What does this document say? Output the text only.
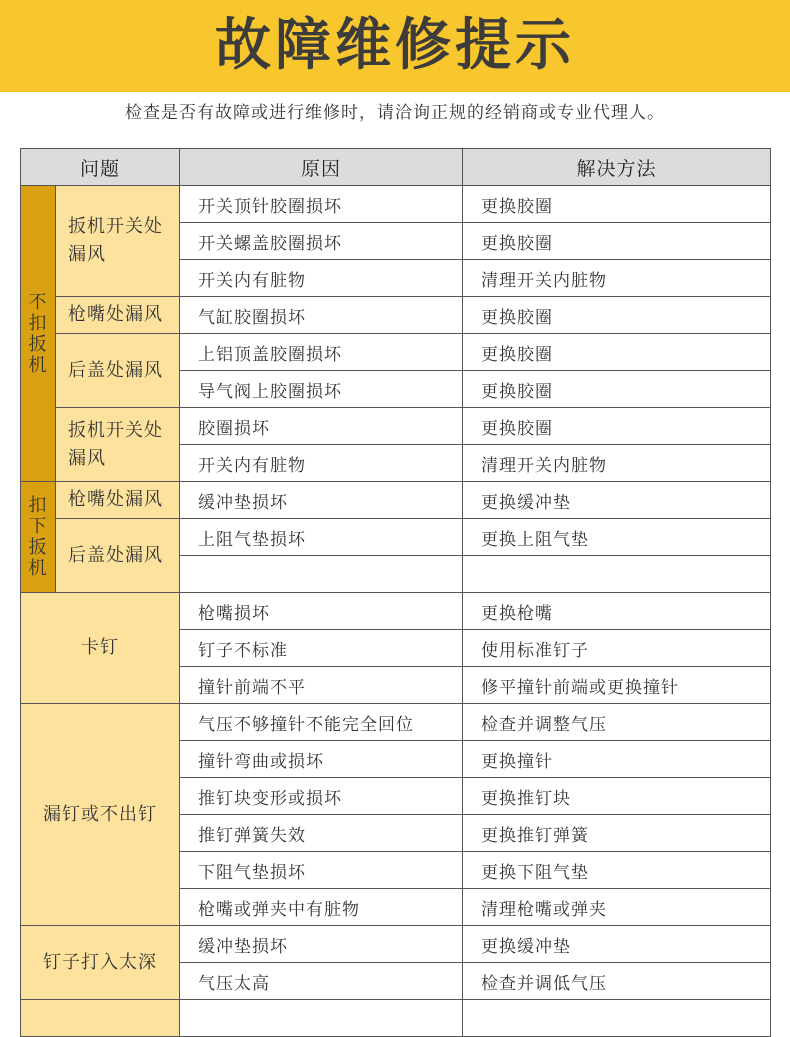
故障维修提示
检查是否有故障或进行维修时，请洽询正规的经销商或专业代理人。
问题		原因	解决方法
不扣扳机	扳机开关处漏风	开关顶针胶圈损坏	更换胶圈
		开关螺盖胶圈损坏	更换胶圈
		开关内有脏物	清理开关内脏物
	枪嘴处漏风	气缸胶圈损坏	更换胶圈
	后盖处漏风	上铝顶盖胶圈损坏	更换胶圈
		导气阀上胶圈损坏	更换胶圈
	扳机开关处漏风	胶圈损坏	更换胶圈
		开关内有脏物	清理开关内脏物
扣下扳机	枪嘴处漏风	缓冲垫损坏	更换缓冲垫
	后盖处漏风	上阻气垫损坏	更换上阻气垫

卡钉		枪嘴损坏	更换枪嘴
		钉子不标准	使用标准钉子
		撞针前端不平	修平撞针前端或更换撞针
漏钉或不出钉		气压不够撞针不能完全回位	检查并调整气压
		撞针弯曲或损坏	更换撞针
		推钉块变形或损坏	更换推钉块
		推钉弹簧失效	更换推钉弹簧
		下阻气垫损坏	更换下阻气垫
		枪嘴或弹夹中有脏物	清理枪嘴或弹夹
钉子打入太深		缓冲垫损坏	更换缓冲垫
		气压太高	检查并调低气压
